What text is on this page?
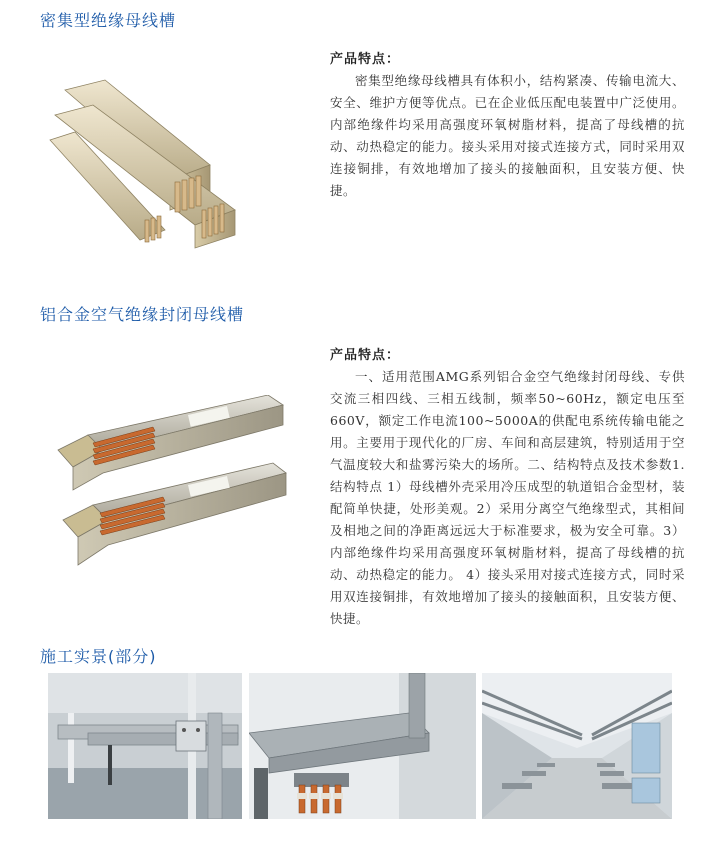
密集型绝缘母线槽
产品特点：

密集型绝缘母线槽具有体积小，结构紧凑、传输电流大、安全、维护方便等优点。已在企业低压配电装置中广泛使用。内部绝缘件均采用高强度环氧树脂材料，提高了母线槽的抗动、动热稳定的能力。接头采用对接式连接方式，同时采用双连接铜排，有效地增加了接头的接触面积，且安装方便、快捷。

铝合金空气绝缘封闭母线槽
产品特点：

一、适用范围AMG系列铝合金空气绝缘封闭母线、专供交流三相四线、三相五线制，频率50~60Hz，额定电压至660V，额定工作电流100~5000A的供配电系统传输电能之用。主要用于现代化的厂房、车间和高层建筑，特别适用于空气温度较大和盐雾污染大的场所。二、结构特点及技术参数1.结构特点 1）母线槽外壳采用冷压成型的轨道铝合金型材，装配简单快捷，处形美观。2）采用分离空气绝缘型式，其相间及相地之间的净距离远远大于标准要求，极为安全可靠。3）内部绝缘件均采用高强度环氧树脂材料，提高了母线槽的抗动、动热稳定的能力。 4）接头采用对接式连接方式，同时采用双连接铜排，有效地增加了接头的接触面积，且安装方便、快捷。

施工实景(部分)
